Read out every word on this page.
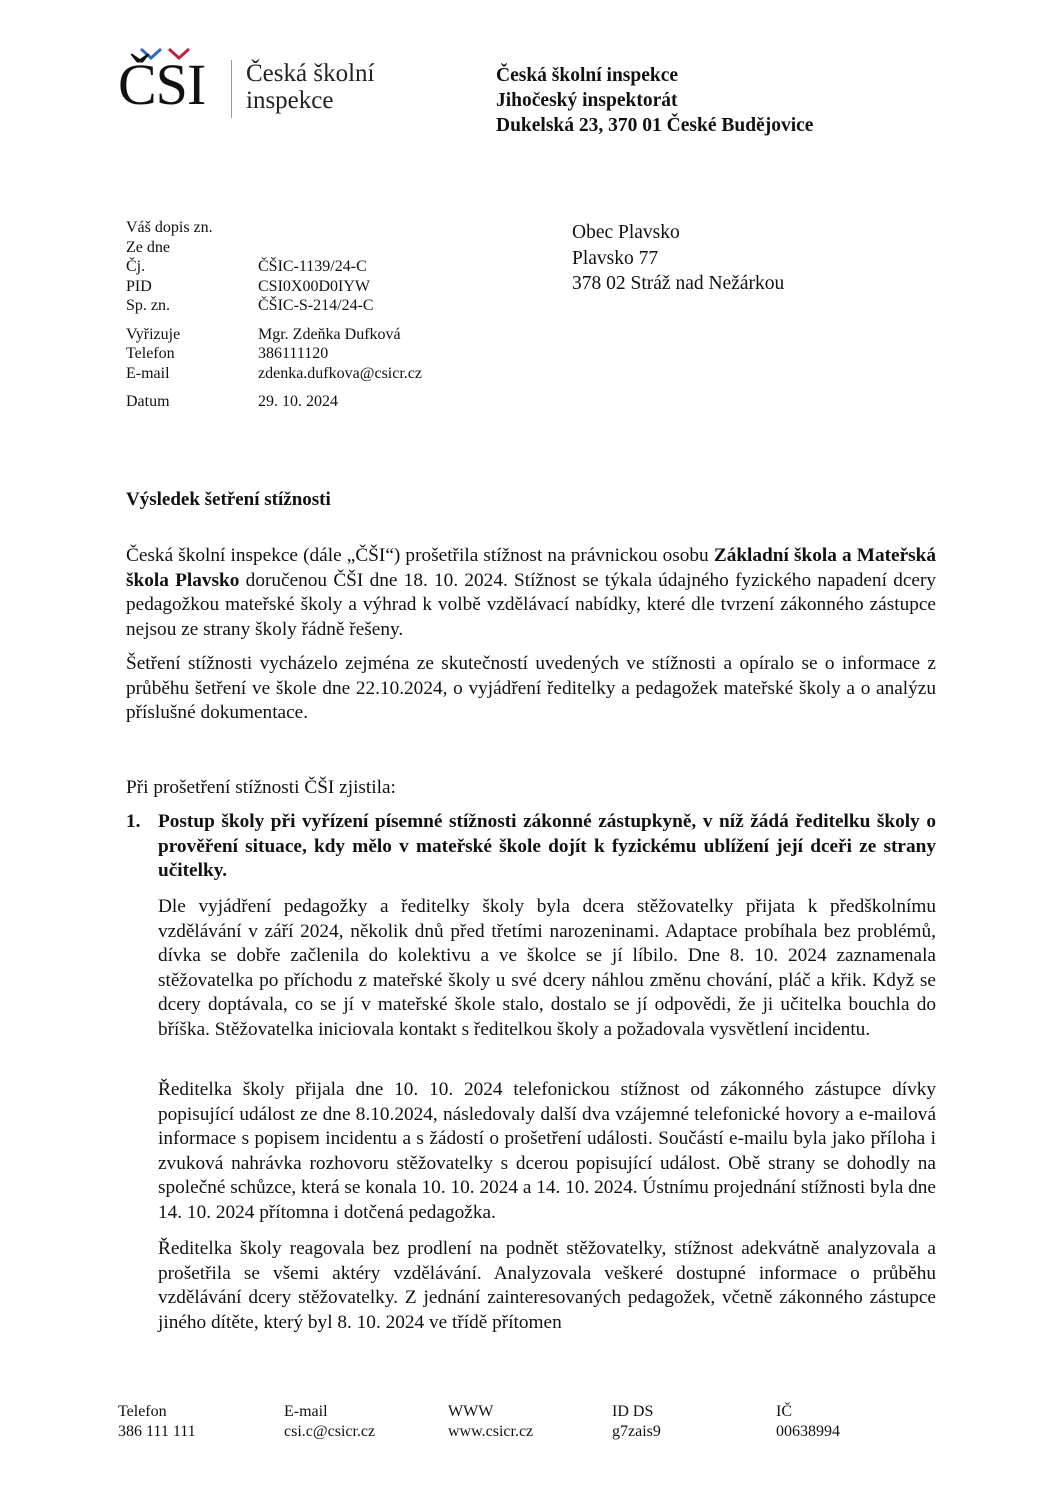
ČSI Česká školní
inspekce
Česká školní inspekce
Jihočeský inspektorát
Dukelská 23, 370 01 České Budějovice
Váš dopis zn.
Ze dne
Čj.	ČŠIC-1139/24-C
PID	CSI0X00D0IYW
Sp. zn.	ČŠIC-S-214/24-C
Vyřizuje	Mgr. Zdeňka Dufková
Telefon	386111120
E-mail	zdenka.dufkova@csicr.cz
Datum	29. 10. 2024
Obec Plavsko
Plavsko 77
378 02 Stráž nad Nežárkou
Výsledek šetření stížnosti
Česká školní inspekce (dále „ČŠI“) prošetřila stížnost na právnickou osobu Základní škola a Mateřská škola Plavsko doručenou ČŠI dne 18. 10. 2024. Stížnost se týkala údajného fyzického napadení dcery pedagožkou mateřské školy a výhrad k volbě vzdělávací nabídky, které dle tvrzení zákonného zástupce nejsou ze strany školy řádně řešeny.
Šetření stížnosti vycházelo zejména ze skutečností uvedených ve stížnosti a opíralo se o informace z průběhu šetření ve škole dne 22.10.2024, o vyjádření ředitelky a pedagožek mateřské školy a o analýzu příslušné dokumentace.
Při prošetření stížnosti ČŠI zjistila:
1. Postup školy při vyřízení písemné stížnosti zákonné zástupkyně, v níž žádá ředitelku školy o prověření situace, kdy mělo v mateřské škole dojít k fyzickému ublížení její dceři ze strany učitelky.
Dle vyjádření pedagožky a ředitelky školy byla dcera stěžovatelky přijata k předškolnímu vzdělávání v září 2024, několik dnů před třetími narozeninami. Adaptace probíhala bez problémů, dívka se dobře začlenila do kolektivu a ve školce se jí líbilo. Dne 8. 10. 2024 zaznamenala stěžovatelka po příchodu z mateřské školy u své dcery náhlou změnu chování, pláč a křik. Když se dcery doptávala, co se jí v mateřské škole stalo, dostalo se jí odpovědi, že ji učitelka bouchla do bříška. Stěžovatelka iniciovala kontakt s ředitelkou školy a požadovala vysvětlení incidentu.
Ředitelka školy přijala dne 10. 10. 2024 telefonickou stížnost od zákonného zástupce dívky popisující událost ze dne 8.10.2024, následovaly další dva vzájemné telefonické hovory a e-mailová informace s popisem incidentu a s žádostí o prošetření události. Součástí e-mailu byla jako příloha i zvuková nahrávka rozhovoru stěžovatelky s dcerou popisující událost. Obě strany se dohodly na společné schůzce, která se konala 10. 10. 2024 a 14. 10. 2024. Ústnímu projednání stížnosti byla dne 14. 10. 2024 přítomna i dotčená pedagožka.
Ředitelka školy reagovala bez prodlení na podnět stěžovatelky, stížnost adekvátně analyzovala a prošetřila se všemi aktéry vzdělávání. Analyzovala veškeré dostupné informace o průběhu vzdělávání dcery stěžovatelky. Z jednání zainteresovaných pedagožek, včetně zákonného zástupce jiného dítěte, který byl 8. 10. 2024 ve třídě přítomen
Telefon
386 111 111
E-mail
csi.c@csicr.cz
WWW
www.csicr.cz
ID DS
g7zais9
IČ
00638994
